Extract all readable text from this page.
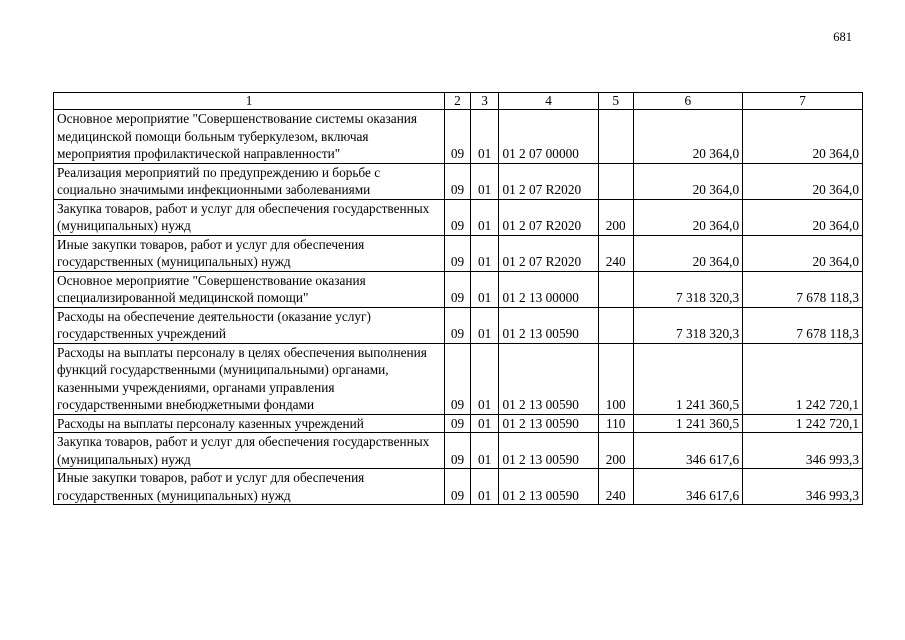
681
1	2	3	4	5	6	7
Основное мероприятие "Совершенствование системы оказания медицинской помощи больным туберкулезом, включая мероприятия профилактической направленности"	09	01	01 2 07 00000		20 364,0	20 364,0
Реализация мероприятий по предупреждению и борьбе с социально значимыми инфекционными заболеваниями	09	01	01 2 07 R2020		20 364,0	20 364,0
Закупка товаров, работ и услуг для обеспечения государственных (муниципальных) нужд	09	01	01 2 07 R2020	200	20 364,0	20 364,0
Иные закупки товаров, работ и услуг для обеспечения государственных (муниципальных) нужд	09	01	01 2 07 R2020	240	20 364,0	20 364,0
Основное мероприятие "Совершенствование оказания специализированной медицинской помощи"	09	01	01 2 13 00000		7 318 320,3	7 678 118,3
Расходы на обеспечение деятельности (оказание услуг) государственных учреждений	09	01	01 2 13 00590		7 318 320,3	7 678 118,3
Расходы на выплаты персоналу в целях обеспечения выполнения функций государственными (муниципальными) органами, казенными учреждениями, органами управления государственными внебюджетными фондами	09	01	01 2 13 00590	100	1 241 360,5	1 242 720,1
Расходы на выплаты персоналу казенных учреждений	09	01	01 2 13 00590	110	1 241 360,5	1 242 720,1
Закупка товаров, работ и услуг для обеспечения государственных (муниципальных) нужд	09	01	01 2 13 00590	200	346 617,6	346 993,3
Иные закупки товаров, работ и услуг для обеспечения государственных (муниципальных) нужд	09	01	01 2 13 00590	240	346 617,6	346 993,3
